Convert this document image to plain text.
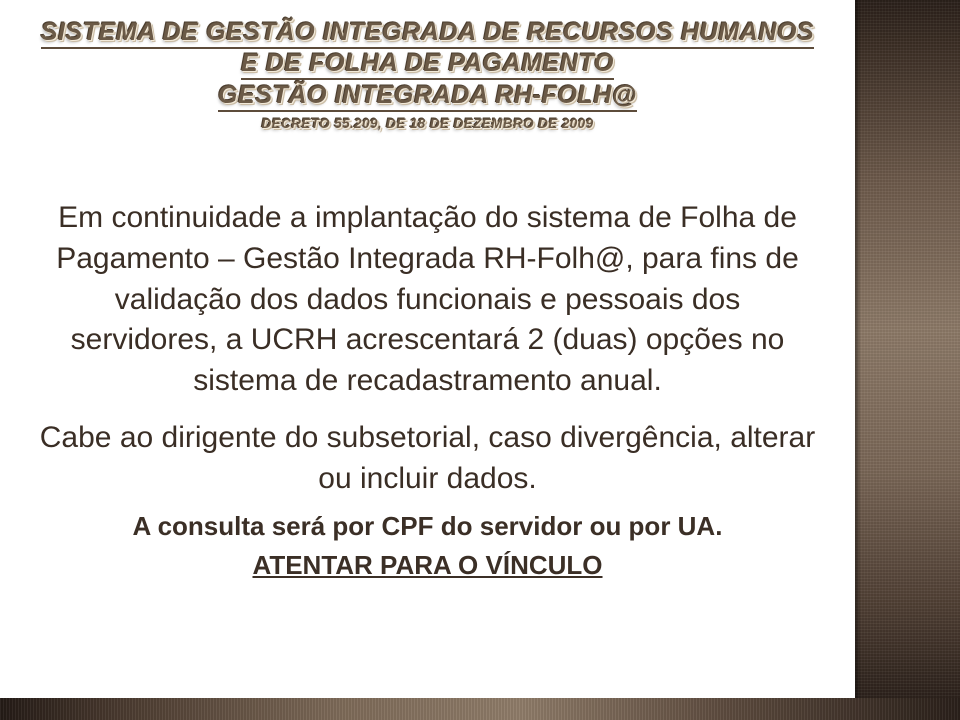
SISTEMA DE GESTÃO INTEGRADA DE RECURSOS HUMANOS
E DE FOLHA DE PAGAMENTO
GESTÃO INTEGRADA RH-FOLH@
DECRETO 55.209, DE 18 DE DEZEMBRO DE 2009

Em continuidade a implantação do sistema de Folha de Pagamento – Gestão Integrada RH-Folh@, para fins de validação dos dados funcionais e pessoais dos servidores, a UCRH acrescentará 2 (duas) opções no sistema de recadastramento anual.

Cabe ao dirigente do subsetorial, caso divergência, alterar ou incluir dados.

A consulta será por CPF do servidor ou por UA.

ATENTAR PARA O VÍNCULO
